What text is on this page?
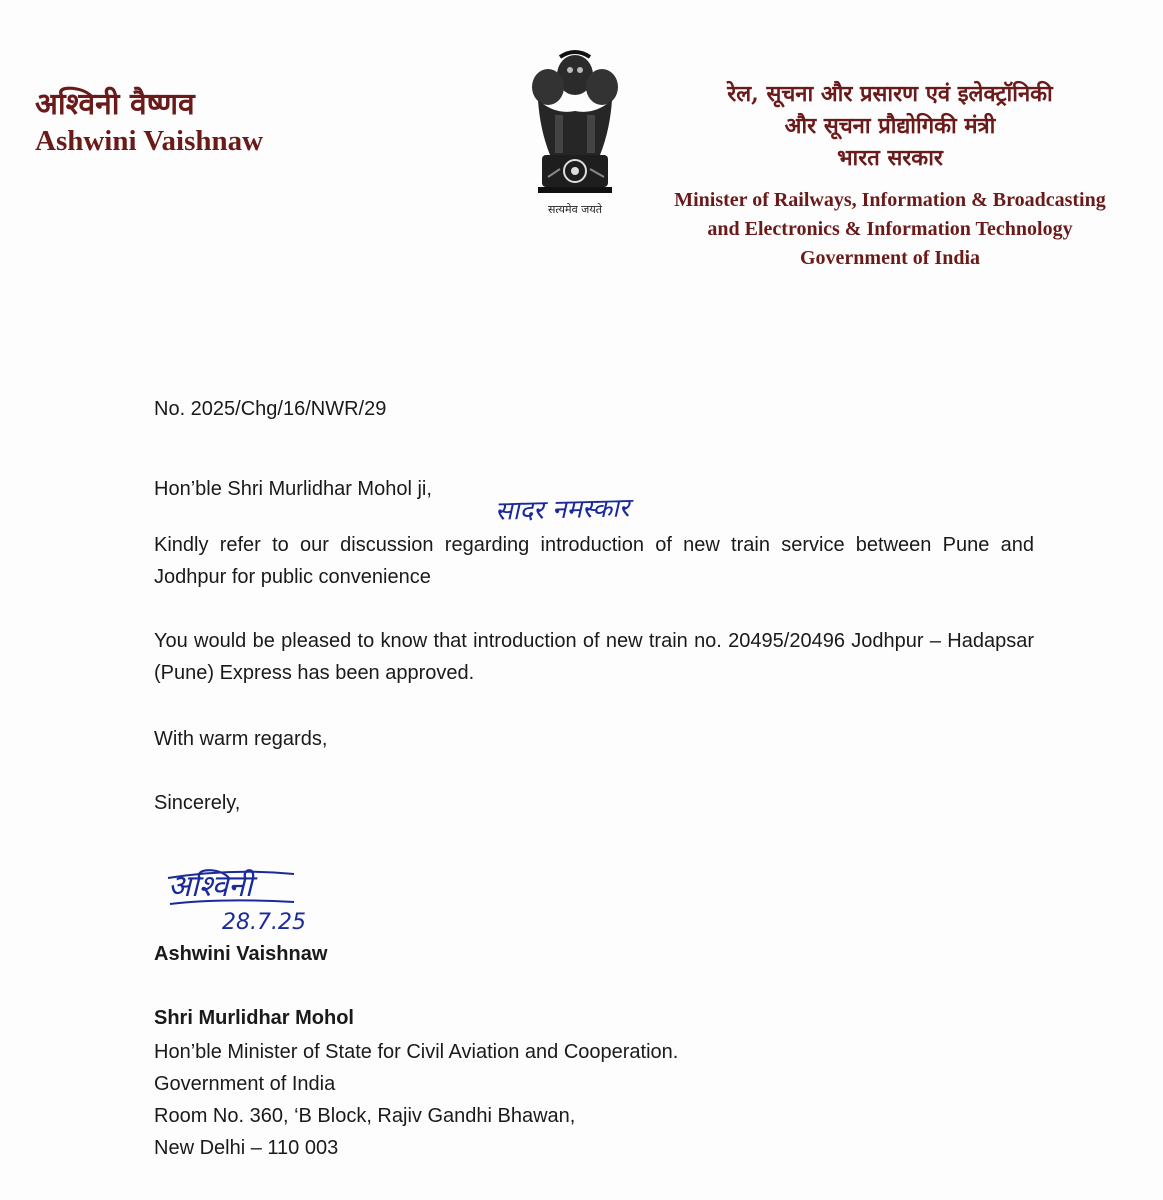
अश्विनी वैष्णव
Ashwini Vaishnaw
सत्यमेव जयते
रेल, सूचना और प्रसारण एवं इलेक्ट्रॉनिकी
और सूचना प्रौद्योगिकी मंत्री
भारत सरकार
Minister of Railways, Information & Broadcasting
and Electronics & Information Technology
Government of India
No. 2025/Chg/16/NWR/29
Hon’ble Shri Murlidhar Mohol ji,
सादर नमस्कार
Kindly refer to our discussion regarding introduction of new train service between Pune and Jodhpur for public convenience
You would be pleased to know that introduction of new train no. 20495/20496 Jodhpur – Hadapsar (Pune) Express has been approved.
With warm regards,
Sincerely,
अश्विनी
28.7.25
Ashwini Vaishnaw
Shri Murlidhar Mohol
Hon’ble Minister of State for Civil Aviation and Cooperation.
Government of India
Room No. 360, ‘B Block, Rajiv Gandhi Bhawan,
New Delhi – 110 003
